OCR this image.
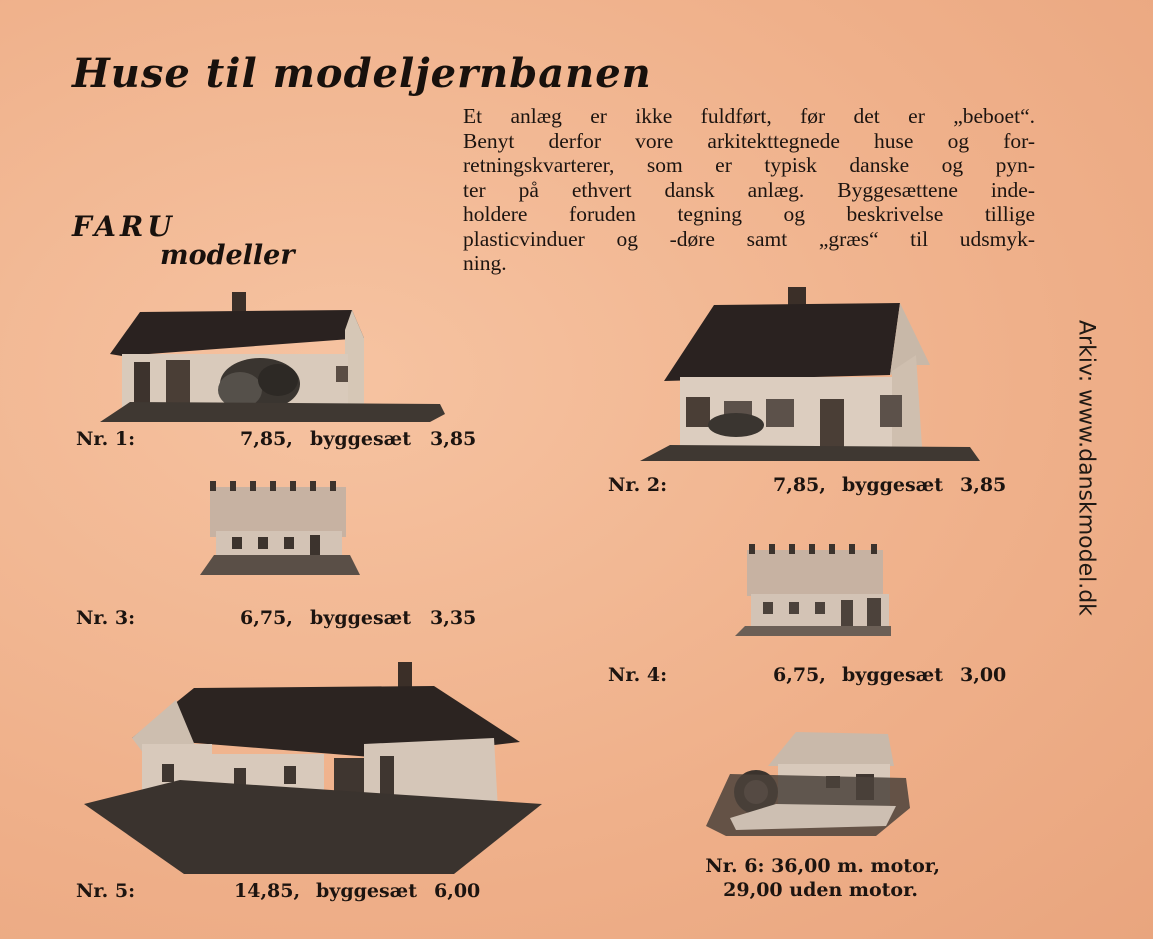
Huse til modeljernbanen
FARU
modeller
Et anlæg er ikke fuldført, før det er „beboet“.
Benyt derfor vore arkitekttegnede huse og for-
retningskvarterer, som er typisk danske og pyn-
ter på ethvert dansk anlæg. Byggesættene inde-
holdere foruden tegning og beskrivelse tillige
plasticvinduer og -døre samt „græs“ til udsmyk-
ning.
Nr. 1:	7,85, byggesæt 3,85
Nr. 2:	7,85, byggesæt 3,85
Nr. 3:	6,75, byggesæt 3,35
Nr. 4:	6,75, byggesæt 3,00
Nr. 5:	14,85, byggesæt 6,00
Nr. 6: 36,00 m. motor,
29,00 uden motor.
Arkiv: www.danskmodel.dk
